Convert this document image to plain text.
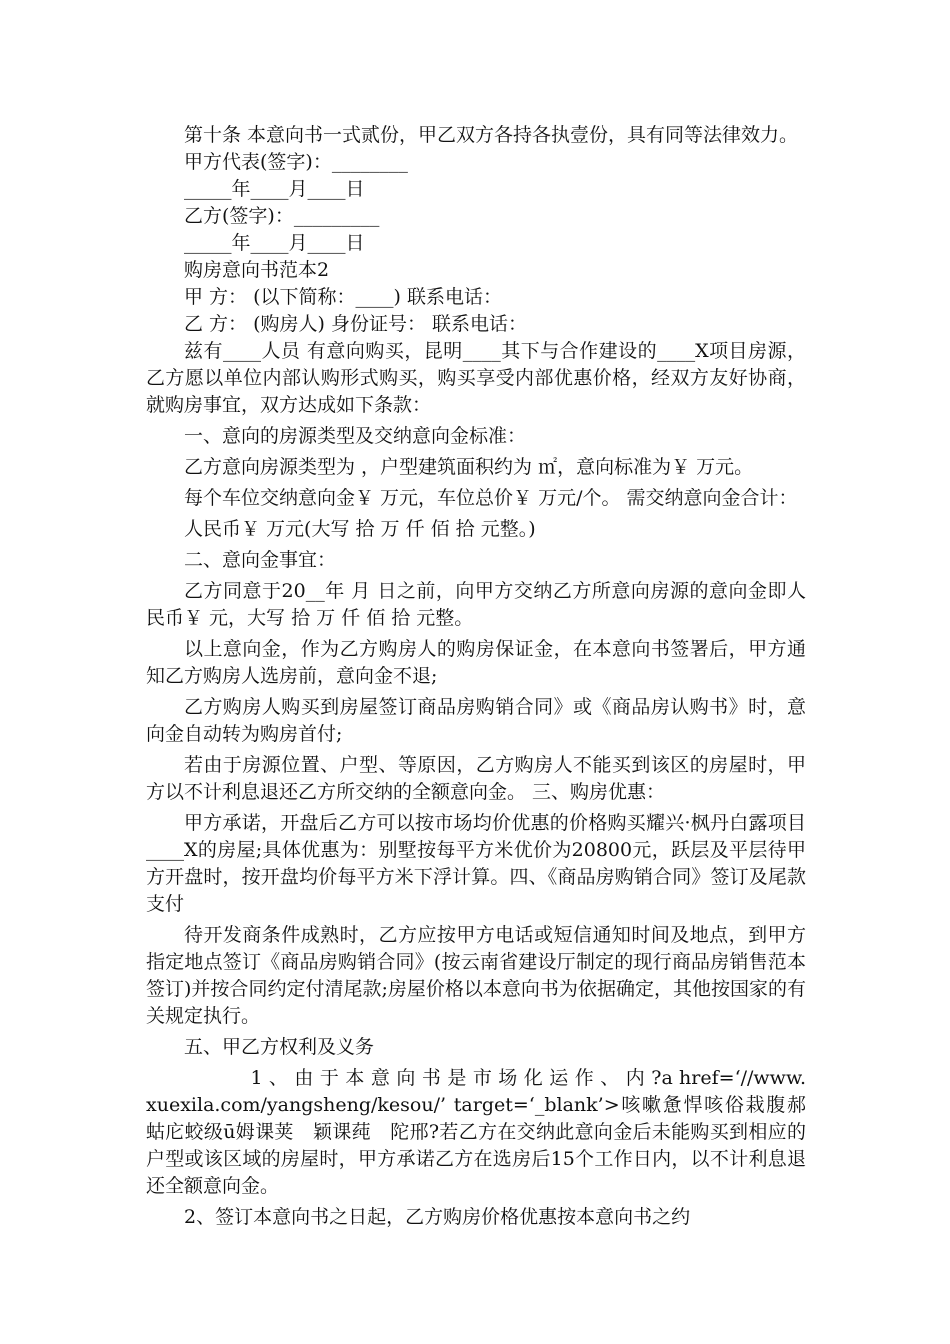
第十条 本意向书一式贰份，甲乙双方各持各执壹份，具有同等法律效力。

甲方代表(签字)：________

_____年____月____日

乙方(签字)：_________

_____年____月____日

购房意向书范本2

甲 方： (以下简称：____) 联系电话：

乙 方： (购房人) 身份证号： 联系电话：

兹有____人员 有意向购买，昆明____其下与合作建设的____X项目房源，乙方愿以单位内部认购形式购买，购买享受内部优惠价格，经双方友好协商，就购房事宜，双方达成如下条款：

一、意向的房源类型及交纳意向金标准：

乙方意向房源类型为 ，户型建筑面积约为 ㎡，意向标准为￥ 万元。

每个车位交纳意向金￥ 万元，车位总价￥ 万元/个。 需交纳意向金合计：

人民币￥ 万元(大写 拾 万 仟 佰 拾 元整。)

二、意向金事宜：

乙方同意于20__年 月 日之前，向甲方交纳乙方所意向房源的意向金即人民币￥ 元，大写 拾 万 仟 佰 拾 元整。

以上意向金，作为乙方购房人的购房保证金，在本意向书签署后，甲方通知乙方购房人选房前，意向金不退;

乙方购房人购买到房屋签订商品房购销合同》或《商品房认购书》时，意向金自动转为购房首付;

若由于房源位置、户型、等原因，乙方购房人不能买到该区的房屋时，甲方以不计利息退还乙方所交纳的全额意向金。 三、购房优惠：

甲方承诺，开盘后乙方可以按市场均价优惠的价格购买耀兴·枫丹白露项目____X的房屋;具体优惠为：别墅按每平方米优价为20800元，跃层及平层待甲方开盘时，按开盘均价每平方米下浮计算。四、《商品房购销合同》签订及尾款支付

待开发商条件成熟时，乙方应按甲方电话或短信通知时间及地点，到甲方指定地点签订《商品房购销合同》(按云南省建设厅制定的现行商品房销售范本签订)并按合同约定付清尾款;房屋价格以本意向书为依据确定，其他按国家的有关规定执行。

五、甲乙方权利及义务

1 、 由 于 本 意 向 书 是 市 场 化 运 作 、 内 ?a href=‘//www.xuexila.com/yangsheng/kesou/’ target=‘_blank’>咳嗽惫悍咳俗栽腹郝蛄庀蛟级ū姆课荚　颖课莼　陀邢?若乙方在交纳此意向金后未能购买到相应的户型或该区域的房屋时，甲方承诺乙方在选房后15个工作日内，以不计利息退还全额意向金。

2、签订本意向书之日起，乙方购房价格优惠按本意向书之约
